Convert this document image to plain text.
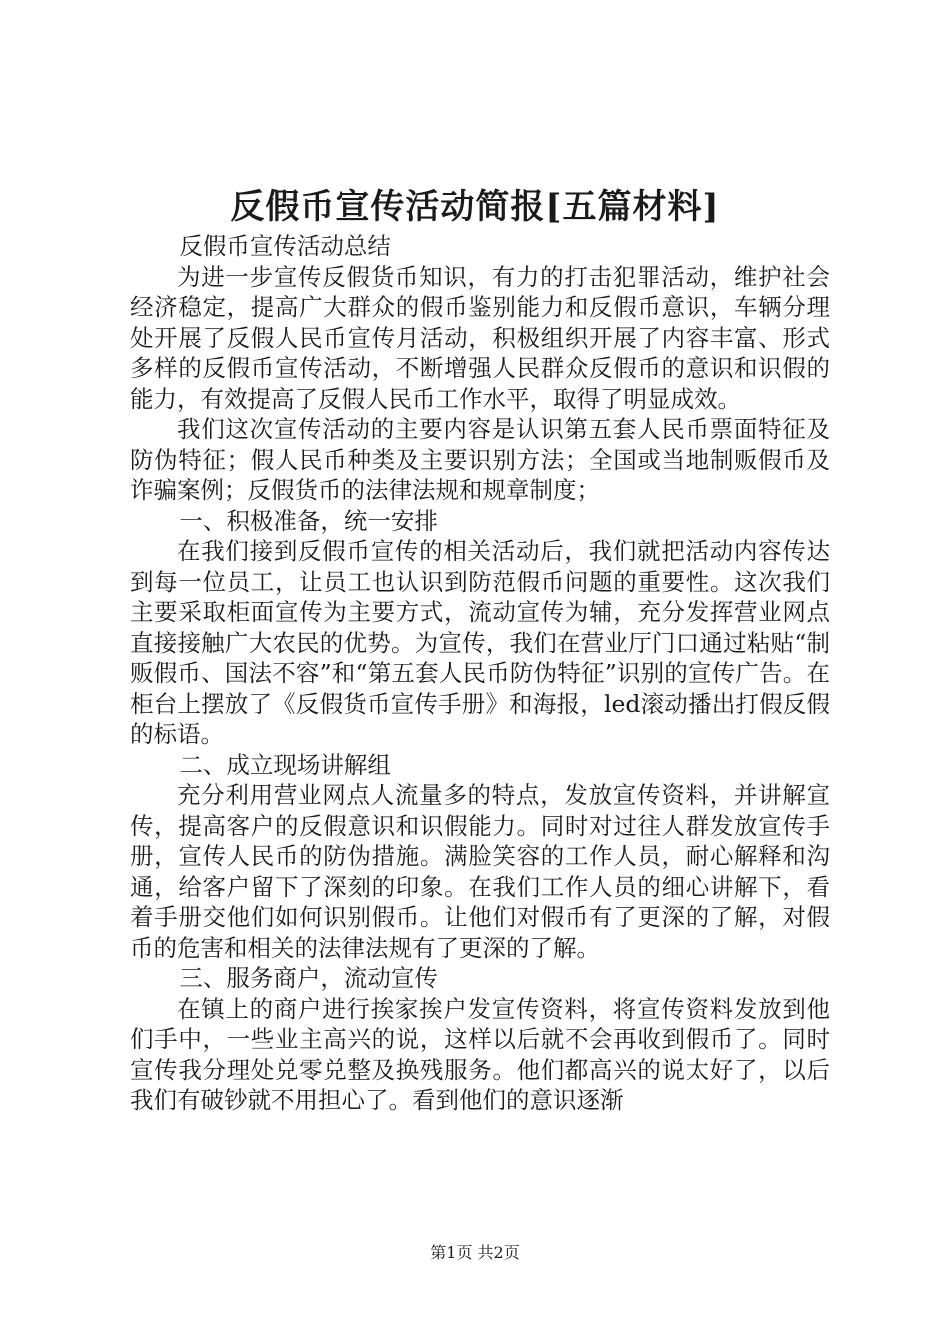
反假币宣传活动简报[五篇材料]

反假币宣传活动总结

为进一步宣传反假货币知识，有力的打击犯罪活动，维护社会经济稳定，提高广大群众的假币鉴别能力和反假币意识，车辆分理处开展了反假人民币宣传月活动，积极组织开展了内容丰富、形式多样的反假币宣传活动，不断增强人民群众反假币的意识和识假的能力，有效提高了反假人民币工作水平，取得了明显成效。

我们这次宣传活动的主要内容是认识第五套人民币票面特征及防伪特征；假人民币种类及主要识别方法；全国或当地制贩假币及诈骗案例；反假货币的法律法规和规章制度；

一、积极准备，统一安排

在我们接到反假币宣传的相关活动后，我们就把活动内容传达到每一位员工，让员工也认识到防范假币问题的重要性。这次我们主要采取柜面宣传为主要方式，流动宣传为辅，充分发挥营业网点直接接触广大农民的优势。为宣传，我们在营业厅门口通过粘贴“制贩假币、国法不容”和“第五套人民币防伪特征”识别的宣传广告。在柜台上摆放了《反假货币宣传手册》和海报，led滚动播出打假反假的标语。

二、成立现场讲解组

充分利用营业网点人流量多的特点，发放宣传资料，并讲解宣传，提高客户的反假意识和识假能力。同时对过往人群发放宣传手册，宣传人民币的防伪措施。满脸笑容的工作人员，耐心解释和沟通，给客户留下了深刻的印象。在我们工作人员的细心讲解下，看着手册交他们如何识别假币。让他们对假币有了更深的了解，对假币的危害和相关的法律法规有了更深的了解。

三、服务商户，流动宣传

在镇上的商户进行挨家挨户发宣传资料，将宣传资料发放到他们手中，一些业主高兴的说，这样以后就不会再收到假币了。同时宣传我分理处兑零兑整及换残服务。他们都高兴的说太好了，以后我们有破钞就不用担心了。看到他们的意识逐渐

第1页 共2页
